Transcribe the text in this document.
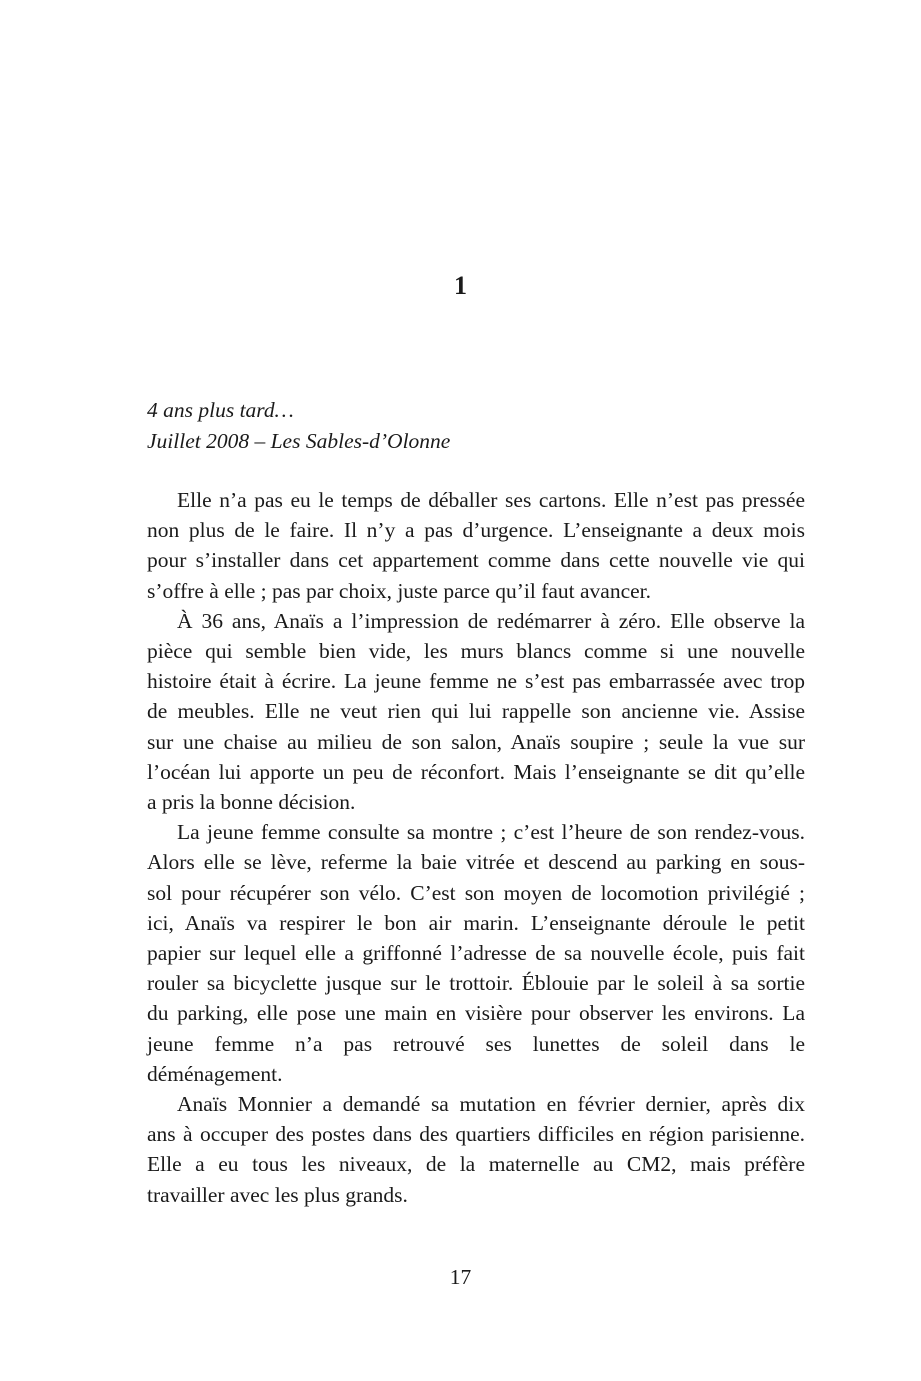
1
4 ans plus tard…
Juillet 2008 – Les Sables-d’Olonne
Elle n’a pas eu le temps de déballer ses cartons. Elle n’est pas pressée
non plus de le faire. Il n’y a pas d’urgence. L’enseignante a deux mois
pour s’installer dans cet appartement comme dans cette nouvelle vie qui
s’offre à elle ; pas par choix, juste parce qu’il faut avancer.
À 36 ans, Anaïs a l’impression de redémarrer à zéro. Elle observe la
pièce qui semble bien vide, les murs blancs comme si une nouvelle
histoire était à écrire. La jeune femme ne s’est pas embarrassée avec trop
de meubles. Elle ne veut rien qui lui rappelle son ancienne vie. Assise
sur une chaise au milieu de son salon, Anaïs soupire ; seule la vue sur
l’océan lui apporte un peu de réconfort. Mais l’enseignante se dit qu’elle
a pris la bonne décision.
La jeune femme consulte sa montre ; c’est l’heure de son rendez-vous.
Alors elle se lève, referme la baie vitrée et descend au parking en sous-
sol pour récupérer son vélo. C’est son moyen de locomotion privilégié ;
ici, Anaïs va respirer le bon air marin. L’enseignante déroule le petit
papier sur lequel elle a griffonné l’adresse de sa nouvelle école, puis fait
rouler sa bicyclette jusque sur le trottoir. Éblouie par le soleil à sa sortie
du parking, elle pose une main en visière pour observer les environs. La
jeune femme n’a pas retrouvé ses lunettes de soleil dans le
déménagement.
Anaïs Monnier a demandé sa mutation en février dernier, après dix
ans à occuper des postes dans des quartiers difficiles en région parisienne.
Elle a eu tous les niveaux, de la maternelle au CM2, mais préfère
travailler avec les plus grands.
17
